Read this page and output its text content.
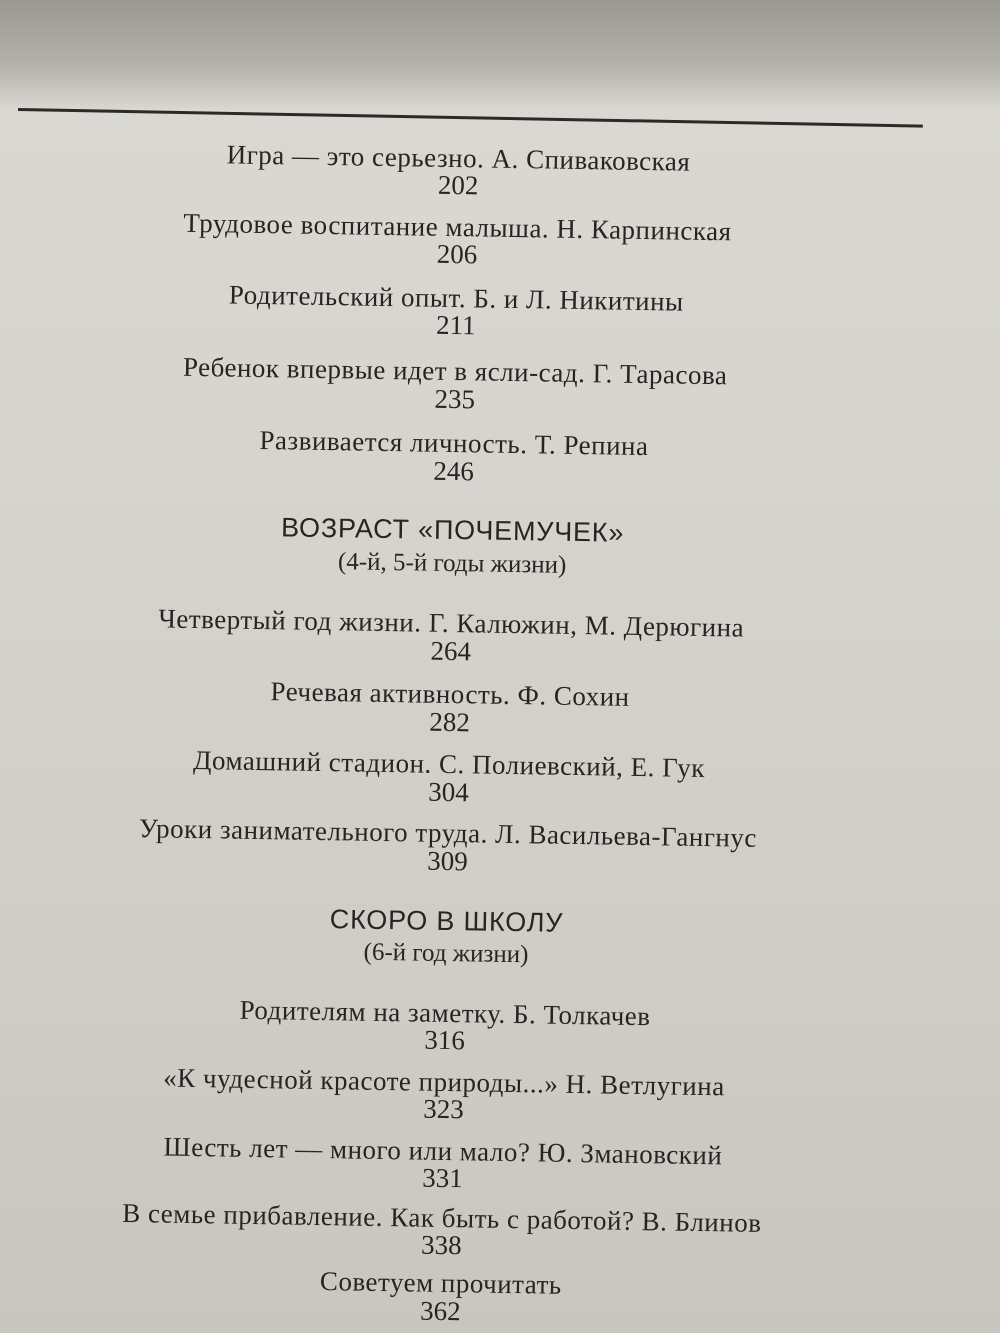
Игра — это серьезно. А. Спиваковская

202

Трудовое воспитание малыша. Н. Карпинская

206

Родительский опыт. Б. и Л. Никитины

211

Ребенок впервые идет в ясли-сад. Г. Тарасова

235

Развивается личность. Т. Репина

246

ВОЗРАСТ «ПОЧЕМУЧЕК»

(4-й, 5-й годы жизни)

Четвертый год жизни. Г. Калюжин, М. Дерюгина

264

Речевая активность. Ф. Сохин

282

Домашний стадион. С. Полиевский, Е. Гук

304

Уроки занимательного труда. Л. Васильева-Гангнус

309

СКОРО В ШКОЛУ

(6-й год жизни)

Родителям на заметку. Б. Толкачев

316

«К чудесной красоте природы...» Н. Ветлугина

323

Шесть лет — много или мало? Ю. Змановский

331

В семье прибавление. Как быть с работой? В. Блинов

338

Советуем прочитать

362
